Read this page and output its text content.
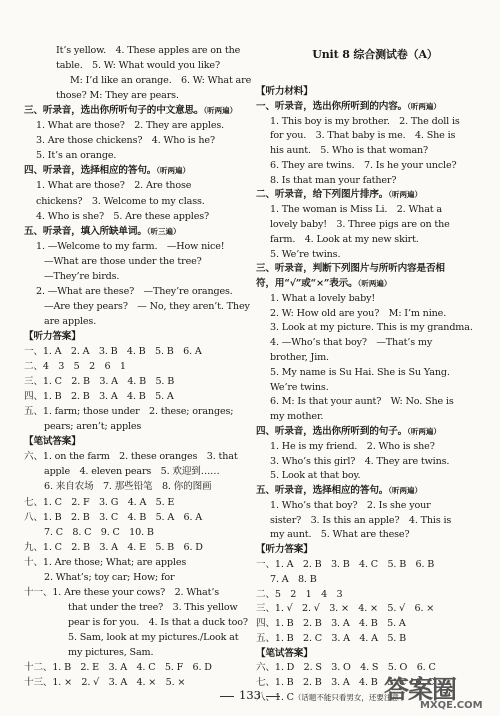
It’s yellow.　4. These apples are on the
table.　5. W: What would you like?
M: I’d like an orange.　6. W: What are
those? M: They are pears.
三、听录音，选出你所听句子的中文意思。（听两遍）
1. What are those?　2. They are apples.
3. Are those chickens?　4. Who is he?
5. It’s an orange.
四、听录音，选择相应的答句。（听两遍）
1. What are those?　2. Are those
chickens?　3. Welcome to my class.
4. Who is she?　5. Are these apples?
五、听录音，填入所缺单词。（听三遍）
1. —Welcome to my farm.　—How nice!
—What are those under the tree?
—They’re birds.
2. —What are these?　—They’re oranges.
—Are they pears?　— No, they aren’t. They
are apples.
【听力答案】
一、1. A　2. A　3. B　4. B　5. B　6. A
二、4　3　5　2　6　1
三、1. C　2. B　3. A　4. B　5. B
四、1. B　2. B　3. A　4. B　5. A
五、1. farm; those under　2. these; oranges;
pears; aren’t; apples
【笔试答案】
六、1. on the farm　2. these oranges　3. that
apple　4. eleven pears　5. 欢迎到……
6. 来自农场　7. 那些铅笔　8. 你的图画
七、1. C　2. F　3. G　4. A　5. E
八、1. B　2. B　3. C　4. B　5. A　6. A
7. C　8. C　9. C　10. B
九、1. C　2. B　3. A　4. E　5. B　6. D
十、1. Are those; What; are apples
2. What’s; toy car; How; for
十一、1. Are these your cows?　2. What’s
that under the tree?　3. This yellow
pear is for you.　4. Is that a duck too?
5. Sam, look at my pictures./Look at
my pictures, Sam.
十二、1. B　2. E　3. A　4. C　5. F　6. D
十三、1. ×　2. √　3. A　4. ×　5. ×
Unit 8 综合测试卷（A）
【听力材料】
一、听录音，选出你所听到的内容。（听两遍）
1. This boy is my brother.　2. The doll is
for you.　3. That baby is me.　4. She is
his aunt.　5. Who is that woman?
6. They are twins.　7. Is he your uncle?
8. Is that man your father?
二、听录音，给下列图片排序。（听两遍）
1. The woman is Miss Li.　2. What a
lovely baby!　3. Three pigs are on the
farm.　4. Look at my new skirt.
5. We’re twins.
三、听录音，判断下列图片与所听内容是否相
符，用“√”或“×”表示。（听两遍）
1. What a lovely baby!
2. W: How old are you?　M: I’m nine.
3. Look at my picture. This is my grandma.
4. —Who’s that boy?　—That’s my
brother, Jim.
5. My name is Su Hai. She is Su Yang.
We’re twins.
6. M: Is that your aunt?　W: No. She is
my mother.
四、听录音，选出你所听到的句子。（听两遍）
1. He is my friend.　2. Who is she?
3. Who’s this girl?　4. They are twins.
5. Look at that boy.
五、听录音，选择相应的答句。（听两遍）
1. Who’s that boy?　2. Is she your
sister?　3. Is this an apple?　4. This is
my aunt.　5. What are these?
【听力答案】
一、1. A　2. B　3. B　4. C　5. B　6. B
7. A　8. B
二、5　2　1　4　3
三、1. √　2. √　3. ×　4. ×　5. √　6. ×
四、1. B　2. B　3. A　4. B　5. A
五、1. B　2. C　3. A　4. A　5. B
【笔试答案】
六、1. D　2. S　3. O　4. S　5. O　6. C
七、1. B　2. B　3. A　4. B　5. C　6. C
八、1. C（话题不能只看男女，还要注意
133	答案圈
MXQE.COM
